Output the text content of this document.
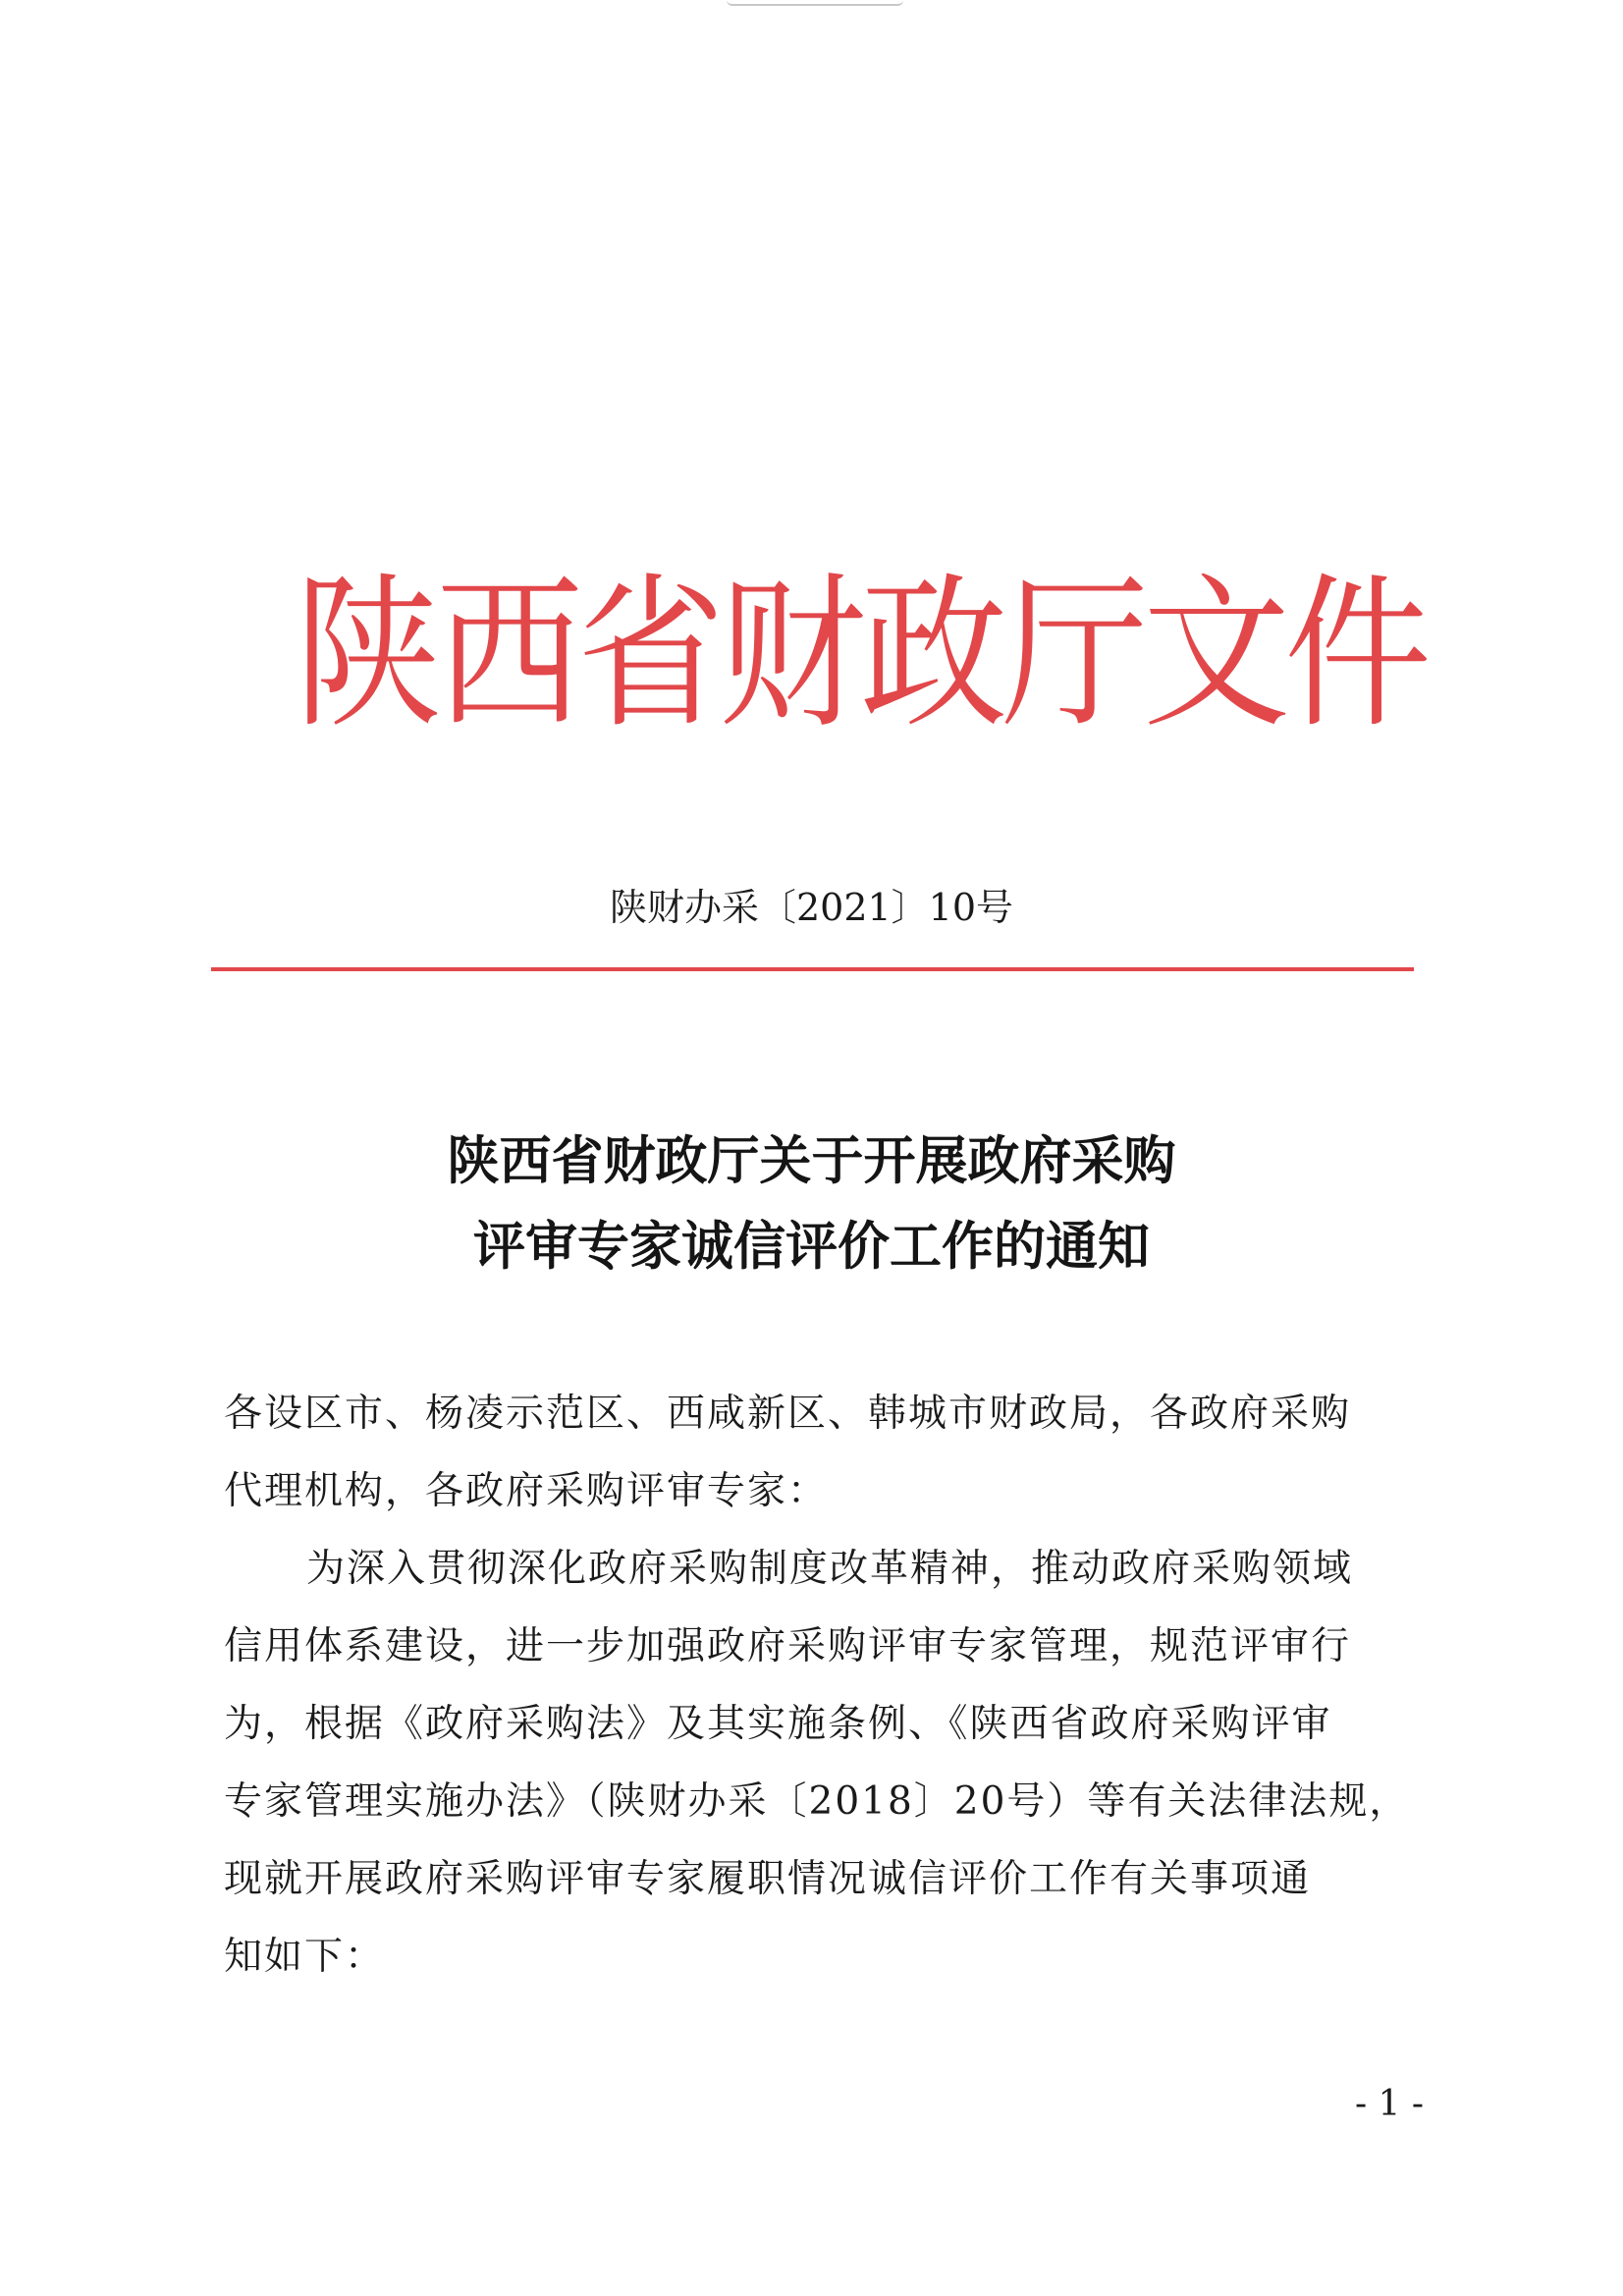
陕西省财政厅文件
陕财办采〔2021〕10号
陕西省财政厅关于开展政府采购
评审专家诚信评价工作的通知
各设区市、杨凌示范区、西咸新区、韩城市财政局，各政府采购
代理机构，各政府采购评审专家：
为深入贯彻深化政府采购制度改革精神，推动政府采购领域
信用体系建设，进一步加强政府采购评审专家管理，规范评审行
为，根据《政府采购法》及其实施条例、《陕西省政府采购评审
专家管理实施办法》（陕财办采〔2018〕20号）等有关法律法规，
现就开展政府采购评审专家履职情况诚信评价工作有关事项通
知如下：
- 1 -
